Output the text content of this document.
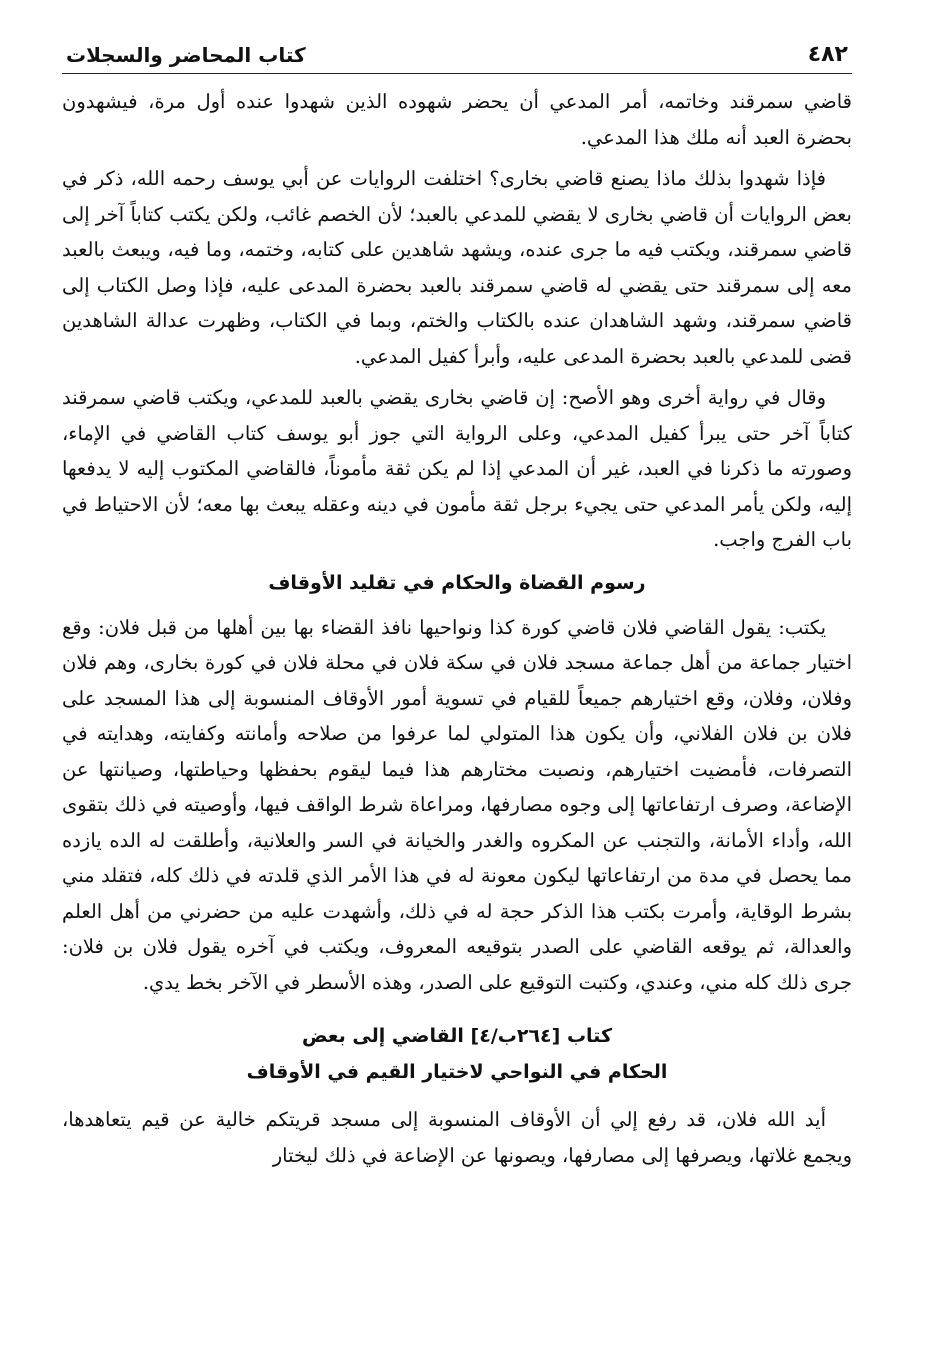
٤٨٢
كتاب المحاضر والسجلات

قاضي سمرقند وخاتمه، أمر المدعي أن يحضر شهوده الذين شهدوا عنده أول مرة، فيشهدون بحضرة العبد أنه ملك هذا المدعي.

فإذا شهدوا بذلك ماذا يصنع قاضي بخارى؟ اختلفت الروايات عن أبي يوسف رحمه الله، ذكر في بعض الروايات أن قاضي بخارى لا يقضي للمدعي بالعبد؛ لأن الخصم غائب، ولكن يكتب كتاباً آخر إلى قاضي سمرقند، ويكتب فيه ما جرى عنده، ويشهد شاهدين على كتابه، وختمه، وما فيه، ويبعث بالعبد معه إلى سمرقند حتى يقضي له قاضي سمرقند بالعبد بحضرة المدعى عليه، فإذا وصل الكتاب إلى قاضي سمرقند، وشهد الشاهدان عنده بالكتاب والختم، وبما في الكتاب، وظهرت عدالة الشاهدين قضى للمدعي بالعبد بحضرة المدعى عليه، وأبرأ كفيل المدعي.

وقال في رواية أخرى وهو الأصح: إن قاضي بخارى يقضي بالعبد للمدعي، ويكتب قاضي سمرقند كتاباً آخر حتى يبرأ كفيل المدعي، وعلى الرواية التي جوز أبو يوسف كتاب القاضي في الإماء، وصورته ما ذكرنا في العبد، غير أن المدعي إذا لم يكن ثقة مأموناً، فالقاضي المكتوب إليه لا يدفعها إليه، ولكن يأمر المدعي حتى يجيء برجل ثقة مأمون في دينه وعقله يبعث بها معه؛ لأن الاحتياط في باب الفرج واجب.

رسوم القضاة والحكام في تقليد الأوقاف

يكتب: يقول القاضي فلان قاضي كورة كذا ونواحيها نافذ القضاء بها بين أهلها من قبل فلان: وقع اختيار جماعة من أهل جماعة مسجد فلان في سكة فلان في محلة فلان في كورة بخارى، وهم فلان وفلان، وفلان، وقع اختيارهم جميعاً للقيام في تسوية أمور الأوقاف المنسوبة إلى هذا المسجد على فلان بن فلان الفلاني، وأن يكون هذا المتولي لما عرفوا من صلاحه وأمانته وكفايته، وهدايته في التصرفات، فأمضيت اختيارهم، ونصبت مختارهم هذا فيما ليقوم بحفظها وحياطتها، وصيانتها عن الإضاعة، وصرف ارتفاعاتها إلى وجوه مصارفها، ومراعاة شرط الواقف فيها، وأوصيته في ذلك بتقوى الله، وأداء الأمانة، والتجنب عن المكروه والغدر والخيانة في السر والعلانية، وأطلقت له الده يازده مما يحصل في مدة من ارتفاعاتها ليكون معونة له في هذا الأمر الذي قلدته في ذلك كله، فتقلد مني بشرط الوقاية، وأمرت بكتب هذا الذكر حجة له في ذلك، وأشهدت عليه من حضرني من أهل العلم والعدالة، ثم يوقعه القاضي على الصدر بتوقيعه المعروف، ويكتب في آخره يقول فلان بن فلان: جرى ذلك كله مني، وعندي، وكتبت التوقيع على الصدر، وهذه الأسطر في الآخر بخط يدي.

كتاب [٢٦٤ب/٤] القاضي إلى بعض
الحكام في النواحي لاختيار القيم في الأوقاف

أيد الله فلان، قد رفع إلي أن الأوقاف المنسوبة إلى مسجد قريتكم خالية عن قيم يتعاهدها، ويجمع غلاتها، ويصرفها إلى مصارفها، ويصونها عن الإضاعة في ذلك ليختار
